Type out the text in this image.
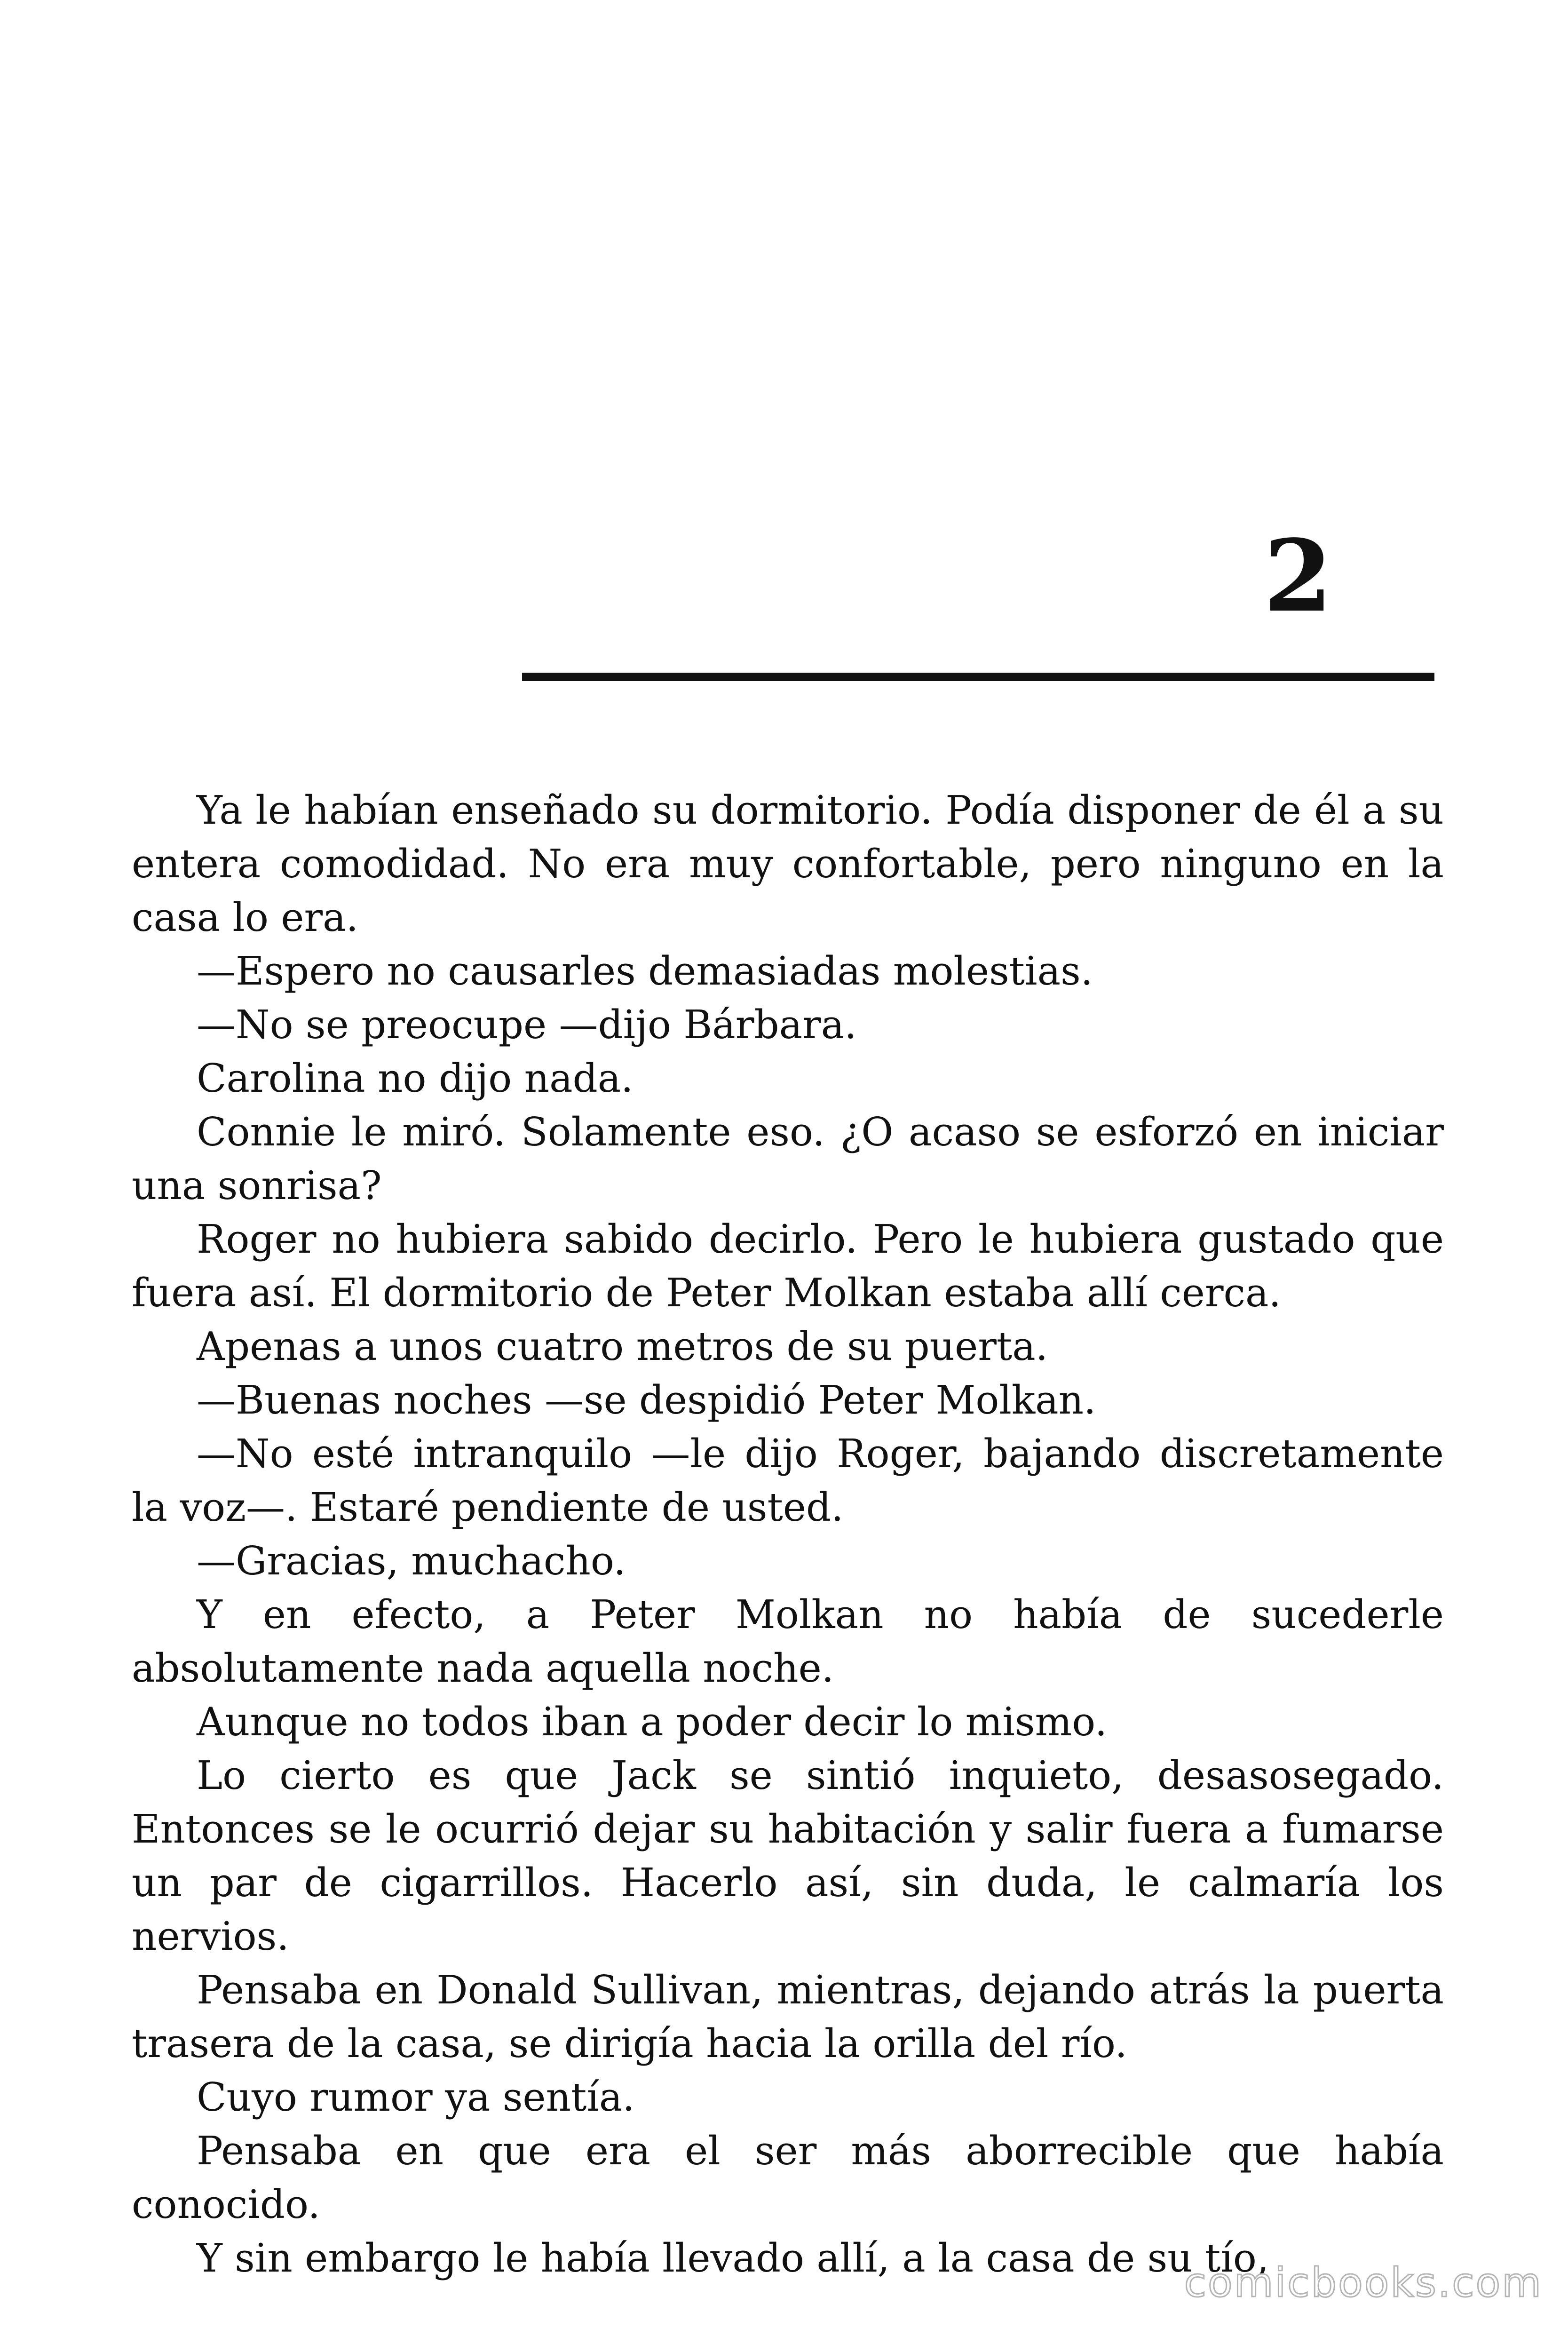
2

Ya le habían enseñado su dormitorio. Podía disponer de él a su entera comodidad. No era muy confortable, pero ninguno en la casa lo era.

—Espero no causarles demasiadas molestias.

—No se preocupe —dijo Bárbara.

Carolina no dijo nada.

Connie le miró. Solamente eso. ¿O acaso se esforzó en iniciar una sonrisa?

Roger no hubiera sabido decirlo. Pero le hubiera gustado que fuera así. El dormitorio de Peter Molkan estaba allí cerca.

Apenas a unos cuatro metros de su puerta.

—Buenas noches —se despidió Peter Molkan.

—No esté intranquilo —le dijo Roger, bajando discretamente la voz—. Estaré pendiente de usted.

—Gracias, muchacho.

Y en efecto, a Peter Molkan no había de sucederle absolutamente nada aquella noche.

Aunque no todos iban a poder decir lo mismo.

Lo cierto es que Jack se sintió inquieto, desasosegado. Entonces se le ocurrió dejar su habitación y salir fuera a fumarse un par de cigarrillos. Hacerlo así, sin duda, le calmaría los nervios.

Pensaba en Donald Sullivan, mientras, dejando atrás la puerta trasera de la casa, se dirigía hacia la orilla del río.

Cuyo rumor ya sentía.

Pensaba en que era el ser más aborrecible que había conocido.

Y sin embargo le había llevado allí, a la casa de su tío,

comicbooks.com
